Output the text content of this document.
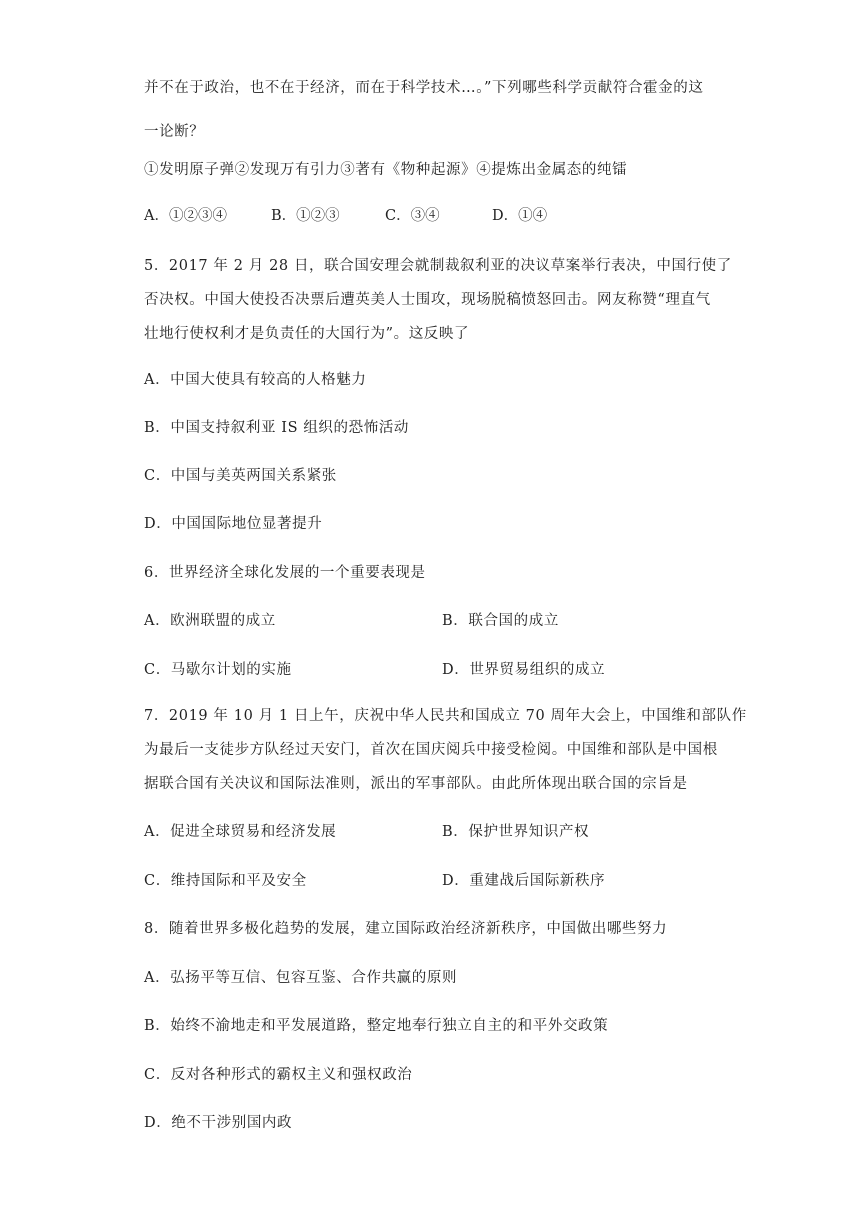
并不在于政治，也不在于经济，而在于科学技术…。”下列哪些科学贡献符合霍金的这
一论断？
①发明原子弹②发现万有引力③著有《物种起源》④提炼出金属态的纯镭
A．①②③④	B．①②③	C．③④	D．①④
5．2017 年 2 月 28 日，联合国安理会就制裁叙利亚的决议草案举行表决，中国行使了
否决权。中国大使投否决票后遭英美人士围攻，现场脱稿愤怒回击。网友称赞“理直气
壮地行使权利才是负责任的大国行为”。这反映了
A．中国大使具有较高的人格魅力
B．中国支持叙利亚 IS 组织的恐怖活动
C．中国与美英两国关系紧张
D．中国国际地位显著提升
6．世界经济全球化发展的一个重要表现是
A．欧洲联盟的成立	B．联合国的成立
C．马歇尔计划的实施	D．世界贸易组织的成立
7．2019 年 10 月 1 日上午，庆祝中华人民共和国成立 70 周年大会上，中国维和部队作
为最后一支徒步方队经过天安门，首次在国庆阅兵中接受检阅。中国维和部队是中国根
据联合国有关决议和国际法准则，派出的军事部队。由此所体现出联合国的宗旨是
A．促进全球贸易和经济发展	B．保护世界知识产权
C．维持国际和平及安全	D．重建战后国际新秩序
8．随着世界多极化趋势的发展，建立国际政治经济新秩序，中国做出哪些努力
A．弘扬平等互信、包容互鉴、合作共赢的原则
B．始终不渝地走和平发展道路，整定地奉行独立自主的和平外交政策
C．反对各种形式的霸权主义和强权政治
D．绝不干涉别国内政
